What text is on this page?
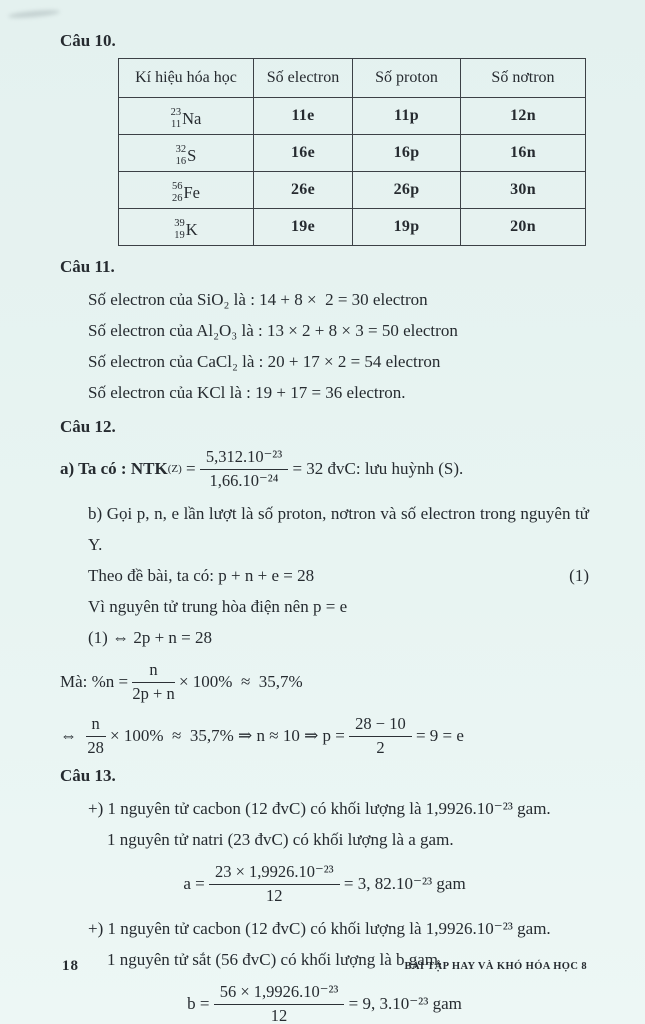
Câu 10.
Kí hiệu hóa học	Số electron	Số proton	Số nơtron

23
11 Na	11e	11p	12n

32
16 S	16e	16p	16n

56
26 Fe	26e	26p	30n

39
19 K	19e	19p	20n
Câu 11.
Số electron của SiO₂ là : 14 + 8 ×  2 = 30 electron
Số electron của Al₂O₃ là : 13 × 2 + 8 × 3 = 50 electron
Số electron của CaCl₂ là : 20 + 17 × 2 = 54 electron
Số electron của KCl là : 19 + 17 = 36 electron.
Câu 12.
a) Ta có : NTK $(Z) = \frac{\text{5,312.10⁻²³}}{\text{1,66.10⁻²⁴}} = 32$ đvC: lưu huỳnh (S).
b) Gọi p, n, e lần lượt là số proton, nơtron và số electron trong nguyên tử Y.
Theo đề bài, ta có: p + n + e = 28	(1)
Vì nguyên tử trung hòa điện nên p = e
(1) ⇔ 2p + n = 28
Mà: $\%n = \frac{n}{2p + n} \times 100\% \approx 35,7\%$
⇔ $\frac{n}{28} \times 100\% \approx 35,7\%$ ⇒ n ≈ 10 ⇒ $p = \frac{28 - 10}{2} = 9 = e$
Câu 13.
+) 1 nguyên tử cacbon (12 đvC) có khối lượng là 1,9926.10⁻²³ gam.
1 nguyên tử natri (23 đvC) có khối lượng là a gam.
$a = \frac{\text{23 × 1,9926.10⁻²³}}{12} = 3$, 82.10⁻²³ gam
+) 1 nguyên tử cacbon (12 đvC) có khối lượng là 1,9926.10⁻²³ gam.
1 nguyên tử sắt (56 đvC) có khối lượng là b gam.
$b = \frac{\text{56 × 1,9926.10⁻²³}}{12} = 9$, 3.10⁻²³ gam
18	BÀI TẬP HAY VÀ KHÓ HÓA HỌC 8
